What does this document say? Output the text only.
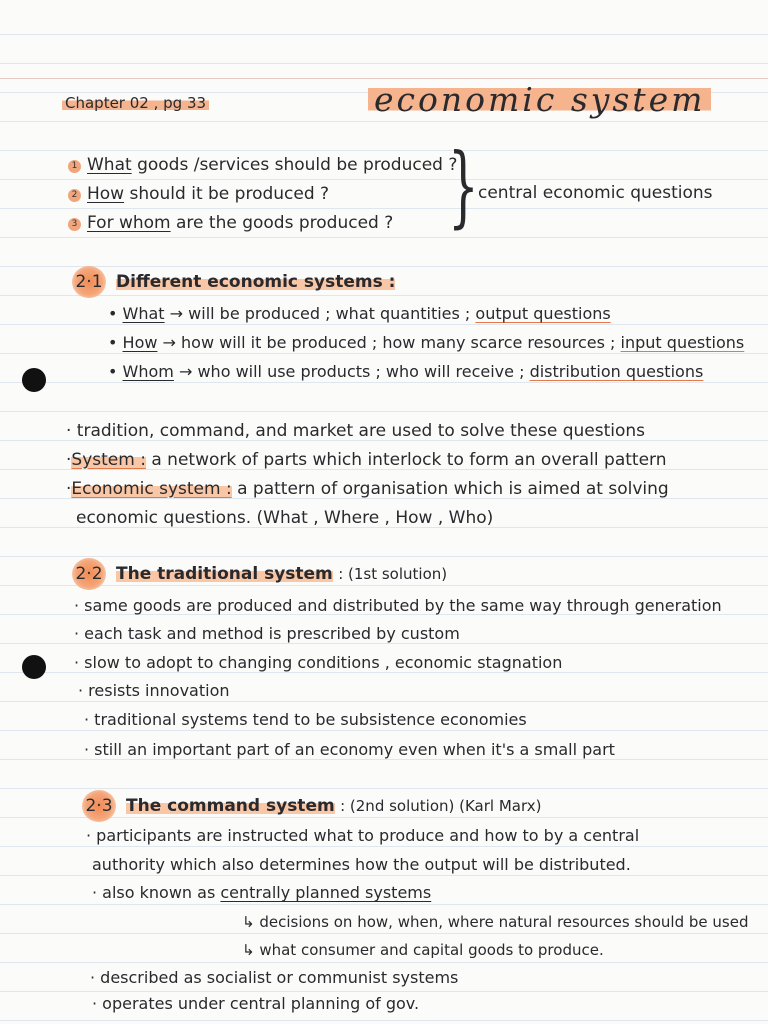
Chapter 02 , pg 33	economic system
1 What goods /services should be produced ?
2 How should it be produced ?
3 For whom are the goods produced ? } central economic questions
2·1 Different economic systems :
• What → will be produced ; what quantities ; output questions
• How → how will it be produced ; how many scarce resources ; input questions
• Whom → who will use products ; who will receive ; distribution questions
· tradition, command, and market are used to solve these questions
·System : a network of parts which interlock to form an overall pattern
·Economic system : a pattern of organisation which is aimed at solving
economic questions. (What , Where , How , Who)
2·2 The traditional system : (1st solution)
· same goods are produced and distributed by the same way through generation
· each task and method is prescribed by custom
· slow to adopt to changing conditions , economic stagnation
· resists innovation
· traditional systems tend to be subsistence economies
· still an important part of an economy even when it's a small part
2·3 The command system : (2nd solution) (Karl Marx)
· participants are instructed what to produce and how to by a central
authority which also determines how the output will be distributed.
· also known as centrally planned systems
↳ decisions on how, when, where natural resources should be used
↳ what consumer and capital goods to produce.
· described as socialist or communist systems
· operates under central planning of gov.
